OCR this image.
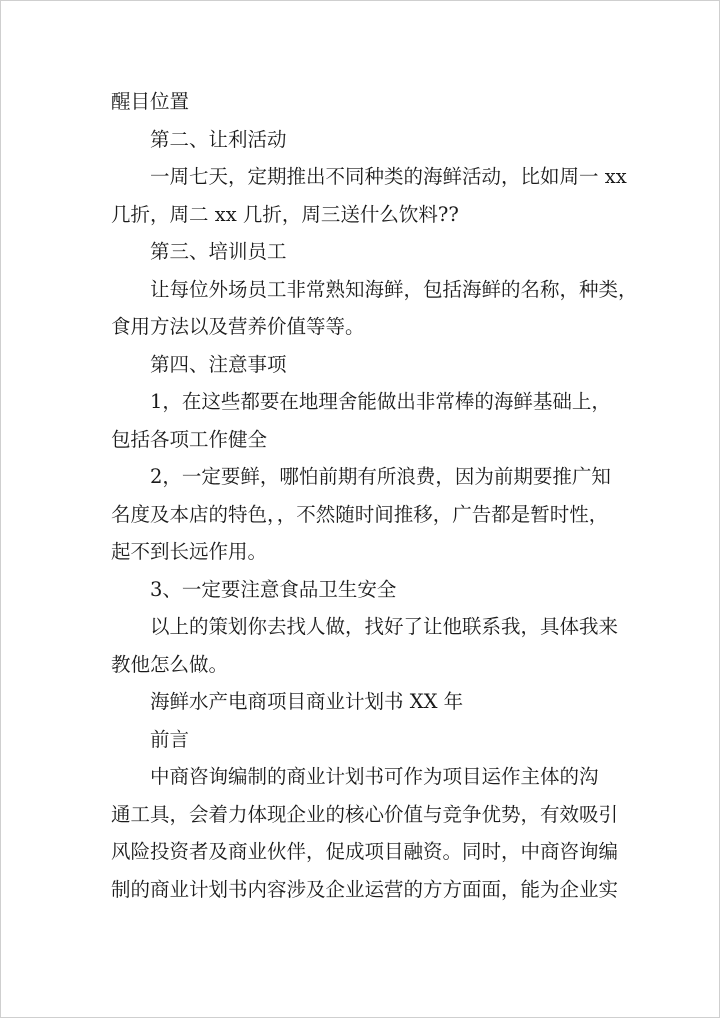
醒目位置

第二、让利活动

一周七天，定期推出不同种类的海鲜活动，比如周一 xx

几折，周二 xx 几折，周三送什么饮料??

第三、培训员工

让每位外场员工非常熟知海鲜，包括海鲜的名称，种类，

食用方法以及营养价值等等。

第四、注意事项

1，在这些都要在地理舍能做出非常棒的海鲜基础上，

包括各项工作健全

2，一定要鲜，哪怕前期有所浪费，因为前期要推广知

名度及本店的特色，，不然随时间推移，广告都是暂时性，

起不到长远作用。

3、一定要注意食品卫生安全

以上的策划你去找人做，找好了让他联系我，具体我来

教他怎么做。

海鲜水产电商项目商业计划书 XX 年

前言

中商咨询编制的商业计划书可作为项目运作主体的沟

通工具，会着力体现企业的核心价值与竞争优势，有效吸引

风险投资者及商业伙伴，促成项目融资。同时，中商咨询编

制的商业计划书内容涉及企业运营的方方面面，能为企业实
